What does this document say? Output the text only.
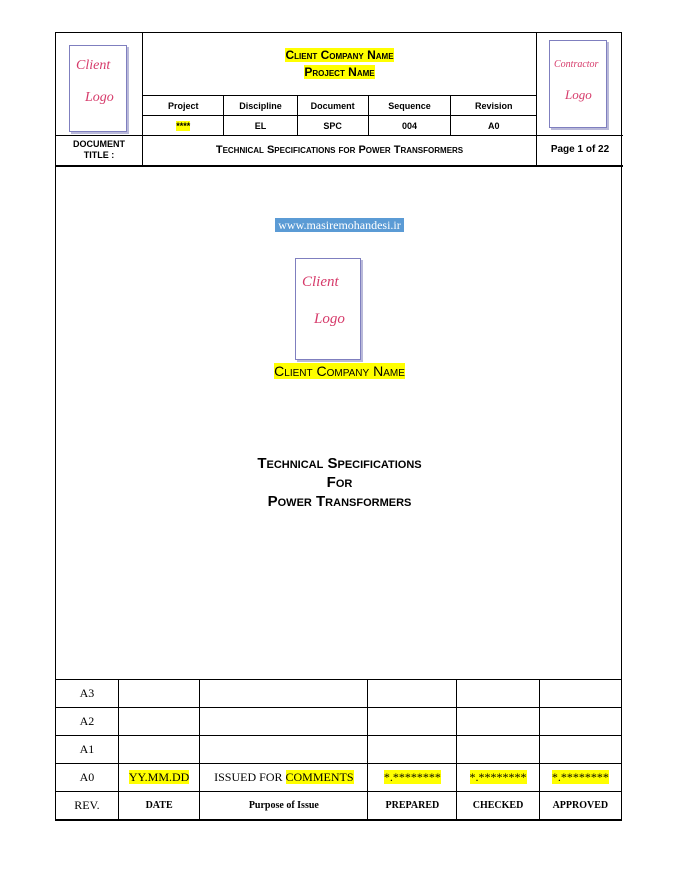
Client
Logo
Client Company Name
Project Name
Project	Discipline	Document	Sequence	Revision
****	EL	SPC	004	A0
Contractor
Logo
DOCUMENT TITLE :	Technical Specifications for Power Transformers	Page 1 of 22
www.masiremohandesi.ir
Client
Logo
Client Company Name
Technical Specifications
For
Power Transformers
A3					
A2					
A1					
A0	YY.MM.DD	ISSUED FOR COMMENTS	*.********	*.********	*.********
REV.	DATE	Purpose of Issue	PREPARED	CHECKED	APPROVED
